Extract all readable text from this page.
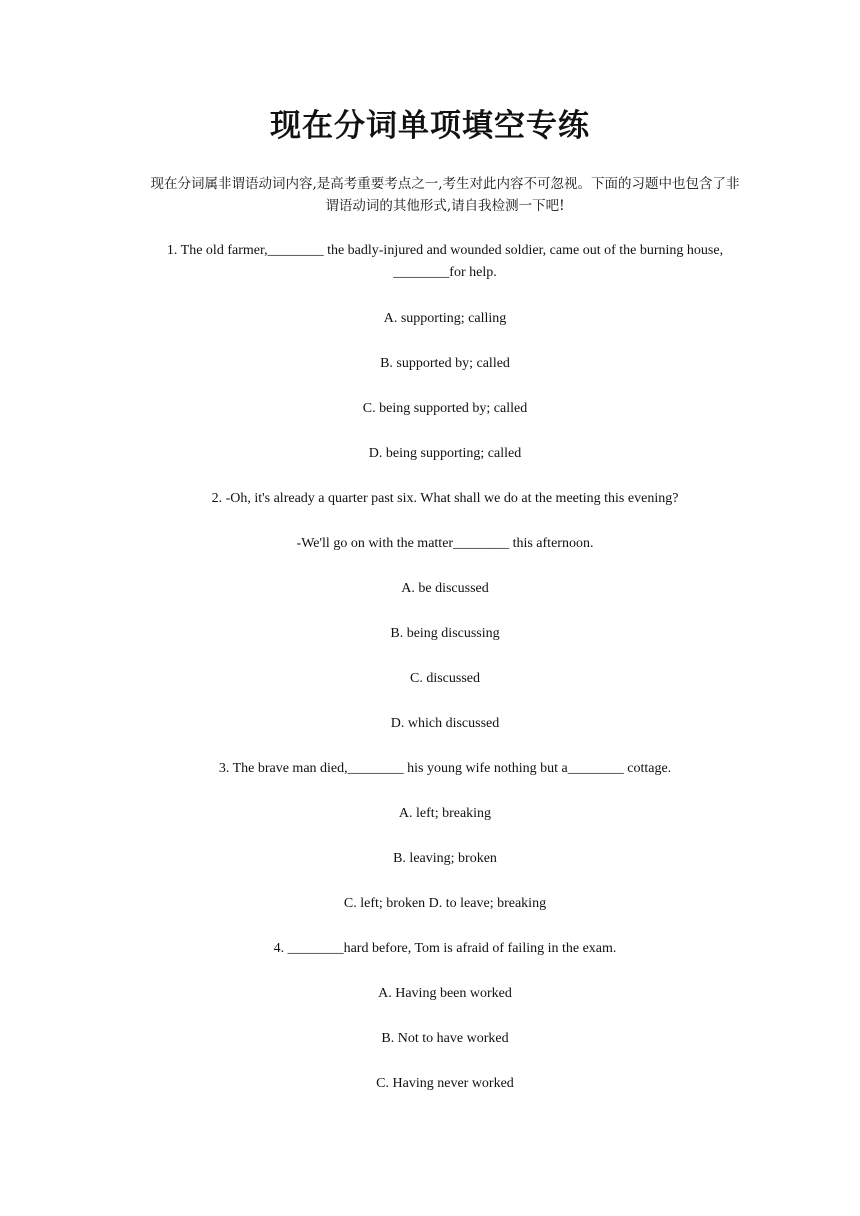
现在分词单项填空专练

现在分词属非谓语动词内容,是高考重要考点之一,考生对此内容不可忽视。下面的习题中也包含了非谓语动词的其他形式,请自我检测一下吧!

1. The old farmer,________ the badly-injured and wounded soldier, came out of the burning house, ________for help.

A. supporting; calling

B. supported by; called

C. being supported by; called

D. being supporting; called

2. -Oh, it's already a quarter past six. What shall we do at the meeting this evening?

-We'll go on with the matter________ this afternoon.

A. be discussed

B. being discussing

C. discussed

D. which discussed

3. The brave man died,________ his young wife nothing but a________ cottage.

A. left; breaking

B. leaving; broken

C. left; broken D. to leave; breaking

4. ________hard before, Tom is afraid of failing in the exam.

A. Having been worked

B. Not to have worked

C. Having never worked
